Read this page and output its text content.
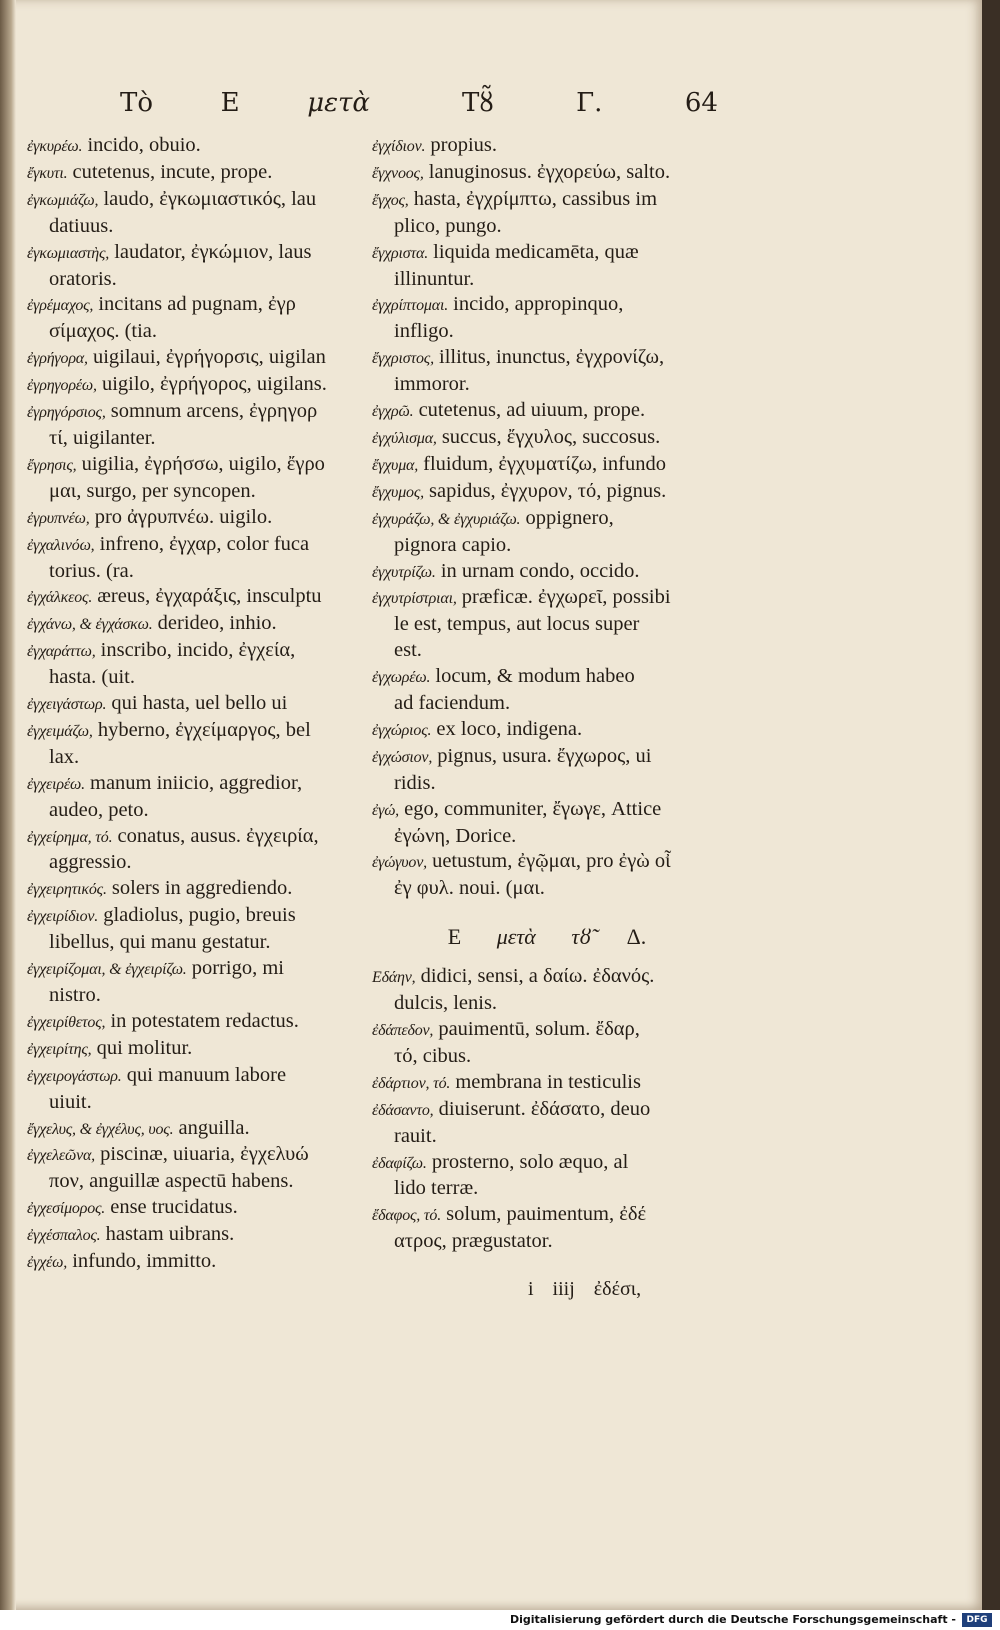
Τὸ	Ε	μετὰ	Τȣ̃	Γ.	64
ἐγκυρέω. incido, obuio.
ἔγκυτι. cutetenus, incute, prope.
ἐγκωμιάζω, laudo, ἐγκωμιαστικός, lau
datiuus.
ἐγκωμιαστὴς, laudator, ἐγκώμιον, laus
oratoris.
ἐγρέμαχος, incitans ad pugnam, ἐγρ
σίμαχος. (tia.
ἐγρήγορα, uigilaui, ἐγρήγορσις, uigilan
ἐγρηγορέω, uigilo, ἐγρήγορος, uigilans.
ἐγρηγόρσιος, somnum arcens, ἐγρηγορ
τί, uigilanter.
ἔγρησις, uigilia, ἐγρήσσω, uigilo, ἔγρο
μαι, surgo, per syncopen.
ἐγρυπνέω, pro ἀγρυπνέω. uigilo.
ἐγχαλινόω, infreno, ἐγχαρ, color fuca
torius. (ra.
ἐγχάλκεος. æreus, ἐγχαράξις, insculptu
ἐγχάνω, & ἐγχάσκω. derideo, inhio.
ἐγχαράττω, inscribo, incido, ἐγχεία,
hasta. (uit.
ἐγχειγάστωρ. qui hasta, uel bello ui
ἐγχειμάζω, hyberno, ἐγχείμαργος, bel
lax.
ἐγχειρέω. manum iniicio, aggredior,
audeo, peto.
ἐγχείρημα, τό. conatus, ausus. ἐγχειρία,
aggressio.
ἐγχειρητικός. solers in aggrediendo.
ἐγχειρίδιον. gladiolus, pugio, breuis
libellus, qui manu gestatur.
ἐγχειρίζομαι, & ἐγχειρίζω. porrigo, mi
nistro.
ἐγχειρίθετος, in potestatem redactus.
ἐγχειρίτης, qui molitur.
ἐγχειρογάστωρ. qui manuum labore
uiuit.
ἔγχελυς, & ἐγχέλυς, υος. anguilla.
ἐγχελεῶνα, piscinæ, uiuaria, ἐγχελυώ
πον, anguillæ aspectū habens.
ἐγχεσίμορος. ense trucidatus.
ἐγχέσπαλος. hastam uibrans.
ἐγχέω, infundo, immitto.
ἐγχίδιον. propius.
ἔγχνοος, lanuginosus. ἐγχορεύω, salto.
ἔγχος, hasta, ἐγχρίμπτω, cassibus im
plico, pungo.
ἔγχριστα. liquida medicamēta, quæ
illinuntur.
ἐγχρίπτομαι. incido, appropinquo,
infligo.
ἔγχριστος, illitus, inunctus, ἐγχρονίζω,
immoror.
ἐγχρῶ. cutetenus, ad uiuum, prope.
ἐγχύλισμα, succus, ἔγχυλος, succosus.
ἔγχυμα, fluidum, ἐγχυματίζω, infundo
ἔγχυμος, sapidus, ἐγχυρον, τό, pignus.
ἐγχυράζω, & ἐγχυριάζω. oppignero,
pignora capio.
ἐγχυτρίζω. in urnam condo, occido.
ἐγχυτρίστριαι, præficæ. ἐγχωρεῖ, possibi
le est, tempus, aut locus super
est.
ἐγχωρέω. locum, & modum habeo
ad faciendum.
ἐγχώριος. ex loco, indigena.
ἐγχώσιον, pignus, usura. ἔγχωρος, ui
ridis.
ἐγώ, ego, communiter, ἔγωγε, Attice
ἐγώνη, Dorice.
ἐγώγυον, uetustum, ἐγῷμαι, pro ἐγὼ οἶ
ἐγ φυλ. noui. (μαι.
Ε μετὰ τȣ̃ Δ.
Εδάην, didici, sensi, a δαίω. ἐδανός.
dulcis, lenis.
ἐδάπεδον, pauimentū, solum. ἔδαρ,
τό, cibus.
ἐδάρτιον, τό. membrana in testiculis
ἐδάσαντο, diuiserunt. ἐδάσατο, deuo
rauit.
ἐδαφίζω. prosterno, solo æquo, al
lido terræ.
ἔδαφος, τό. solum, pauimentum, ἐδέ
ατρος, prægustator.
i iiij ἐδέσι,
Digitalisierung gefördert durch die Deutsche Forschungsgemeinschaft -	DFG
